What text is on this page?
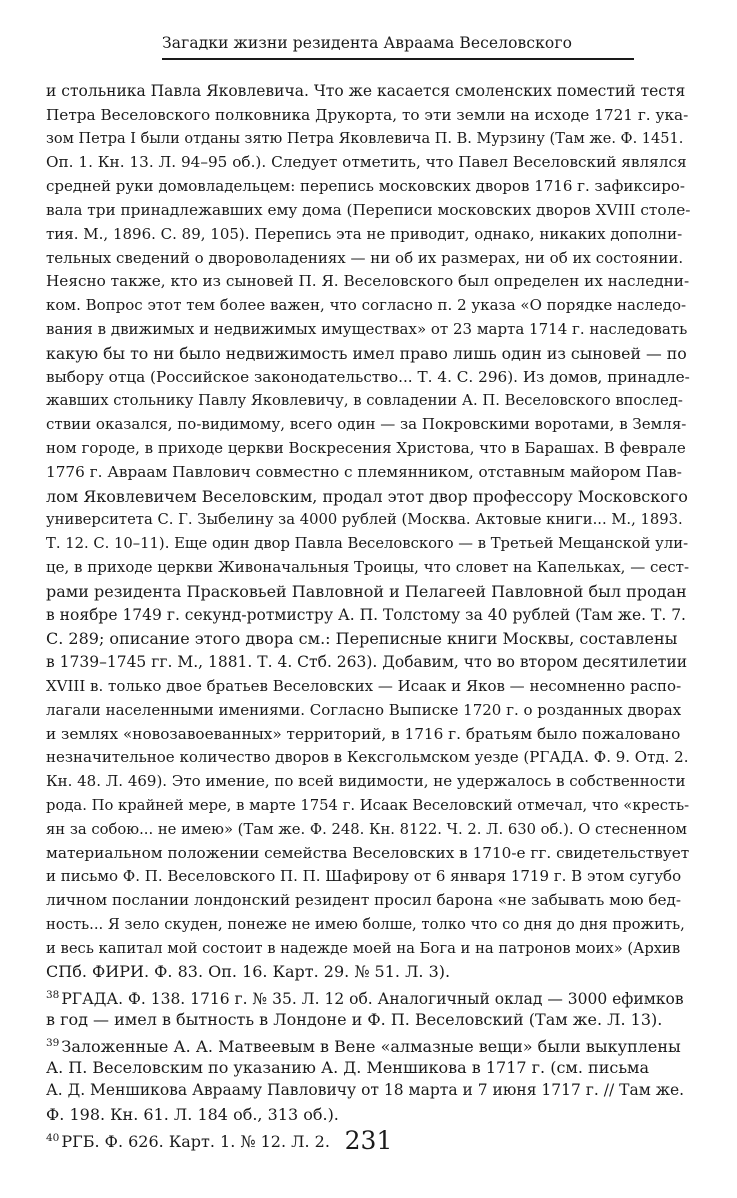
Загадки жизни резидента Авраама Веселовского
и стольника Павла Яковлевича. Что же касается смоленских поместий тестя
Петра Веселовского полковника Друкорта, то эти земли на исходе 1721 г. ука-
зом Петра I были отданы зятю Петра Яковлевича П. В. Мурзину (Там же. Ф. 1451.
Оп. 1. Кн. 13. Л. 94–95 об.). Следует отметить, что Павел Веселовский являлся
средней руки домовладельцем: перепись московских дворов 1716 г. зафиксиро-
вала три принадлежавших ему дома (Переписи московских дворов XVIII столе-
тия. М., 1896. С. 89, 105). Перепись эта не приводит, однако, никаких дополни-
тельных сведений о двороволадениях — ни об их размерах, ни об их состоянии.
Неясно также, кто из сыновей П. Я. Веселовского был определен их наследни-
ком. Вопрос этот тем более важен, что согласно п. 2 указа «О порядке наследо-
вания в движимых и недвижимых имуществах» от 23 марта 1714 г. наследовать
какую бы то ни было недвижимость имел право лишь один из сыновей — по
выбору отца (Российское законодательство... Т. 4. С. 296). Из домов, принадле-
жавших стольнику Павлу Яковлевичу, в совладении А. П. Веселовского впослед-
ствии оказался, по-видимому, всего один — за Покровскими воротами, в Земля-
ном городе, в приходе церкви Воскресения Христова, что в Барашах. В феврале
1776 г. Авраам Павлович совместно с племянником, отставным майором Пав-
лом Яковлевичем Веселовским, продал этот двор профессору Московского
университета С. Г. Зыбелину за 4000 рублей (Москва. Актовые книги... М., 1893.
Т. 12. С. 10–11). Еще один двор Павла Веселовского — в Третьей Мещанской ули-
це, в приходе церкви Живоначальныя Троицы, что словет на Капельках, — сест-
рами резидента Прасковьей Павловной и Пелагеей Павловной был продан
в ноябре 1749 г. секунд-ротмистру А. П. Толстому за 40 рублей (Там же. Т. 7.
С. 289; описание этого двора см.: Переписные книги Москвы, составлены
в 1739–1745 гг. М., 1881. Т. 4. Стб. 263). Добавим, что во втором десятилетии
XVIII в. только двое братьев Веселовских — Исаак и Яков — несомненно распо-
лагали населенными имениями. Согласно Выписке 1720 г. о розданных дворах
и землях «новозавоеванных» территорий, в 1716 г. братьям было пожаловано
незначительное количество дворов в Кексгольмском уезде (РГАДА. Ф. 9. Отд. 2.
Кн. 48. Л. 469). Это имение, по всей видимости, не удержалось в собственности
рода. По крайней мере, в марте 1754 г. Исаак Веселовский отмечал, что «кресть-
ян за собою... не имею» (Там же. Ф. 248. Кн. 8122. Ч. 2. Л. 630 об.). О стесненном
материальном положении семейства Веселовских в 1710-е гг. свидетельствует
и письмо Ф. П. Веселовского П. П. Шафирову от 6 января 1719 г. В этом сугубо
личном послании лондонский резидент просил барона «не забывать мою бед-
ность... Я зело скуден, понеже не имею болше, толко что со дня до дня прожить,
и весь капитал мой состоит в надежде моей на Бога и на патронов моих» (Архив
СПб. ФИРИ. Ф. 83. Оп. 16. Карт. 29. № 51. Л. 3).
$^{38}$ РГАДА. Ф. 138. 1716 г. № 35. Л. 12 об. Аналогичный оклад — 3000 ефимков
в год — имел в бытность в Лондоне и Ф. П. Веселовский (Там же. Л. 13).
$^{39}$ Заложенные А. А. Матвеевым в Вене «алмазные вещи» были выкуплены
А. П. Веселовским по указанию А. Д. Меншикова в 1717 г. (см. письма
А. Д. Меншикова Аврааму Павловичу от 18 марта и 7 июня 1717 г. // Там же.
Ф. 198. Кн. 61. Л. 184 об., 313 об.).
$^{40}$ РГБ. Ф. 626. Карт. 1. № 12. Л. 2. 231
